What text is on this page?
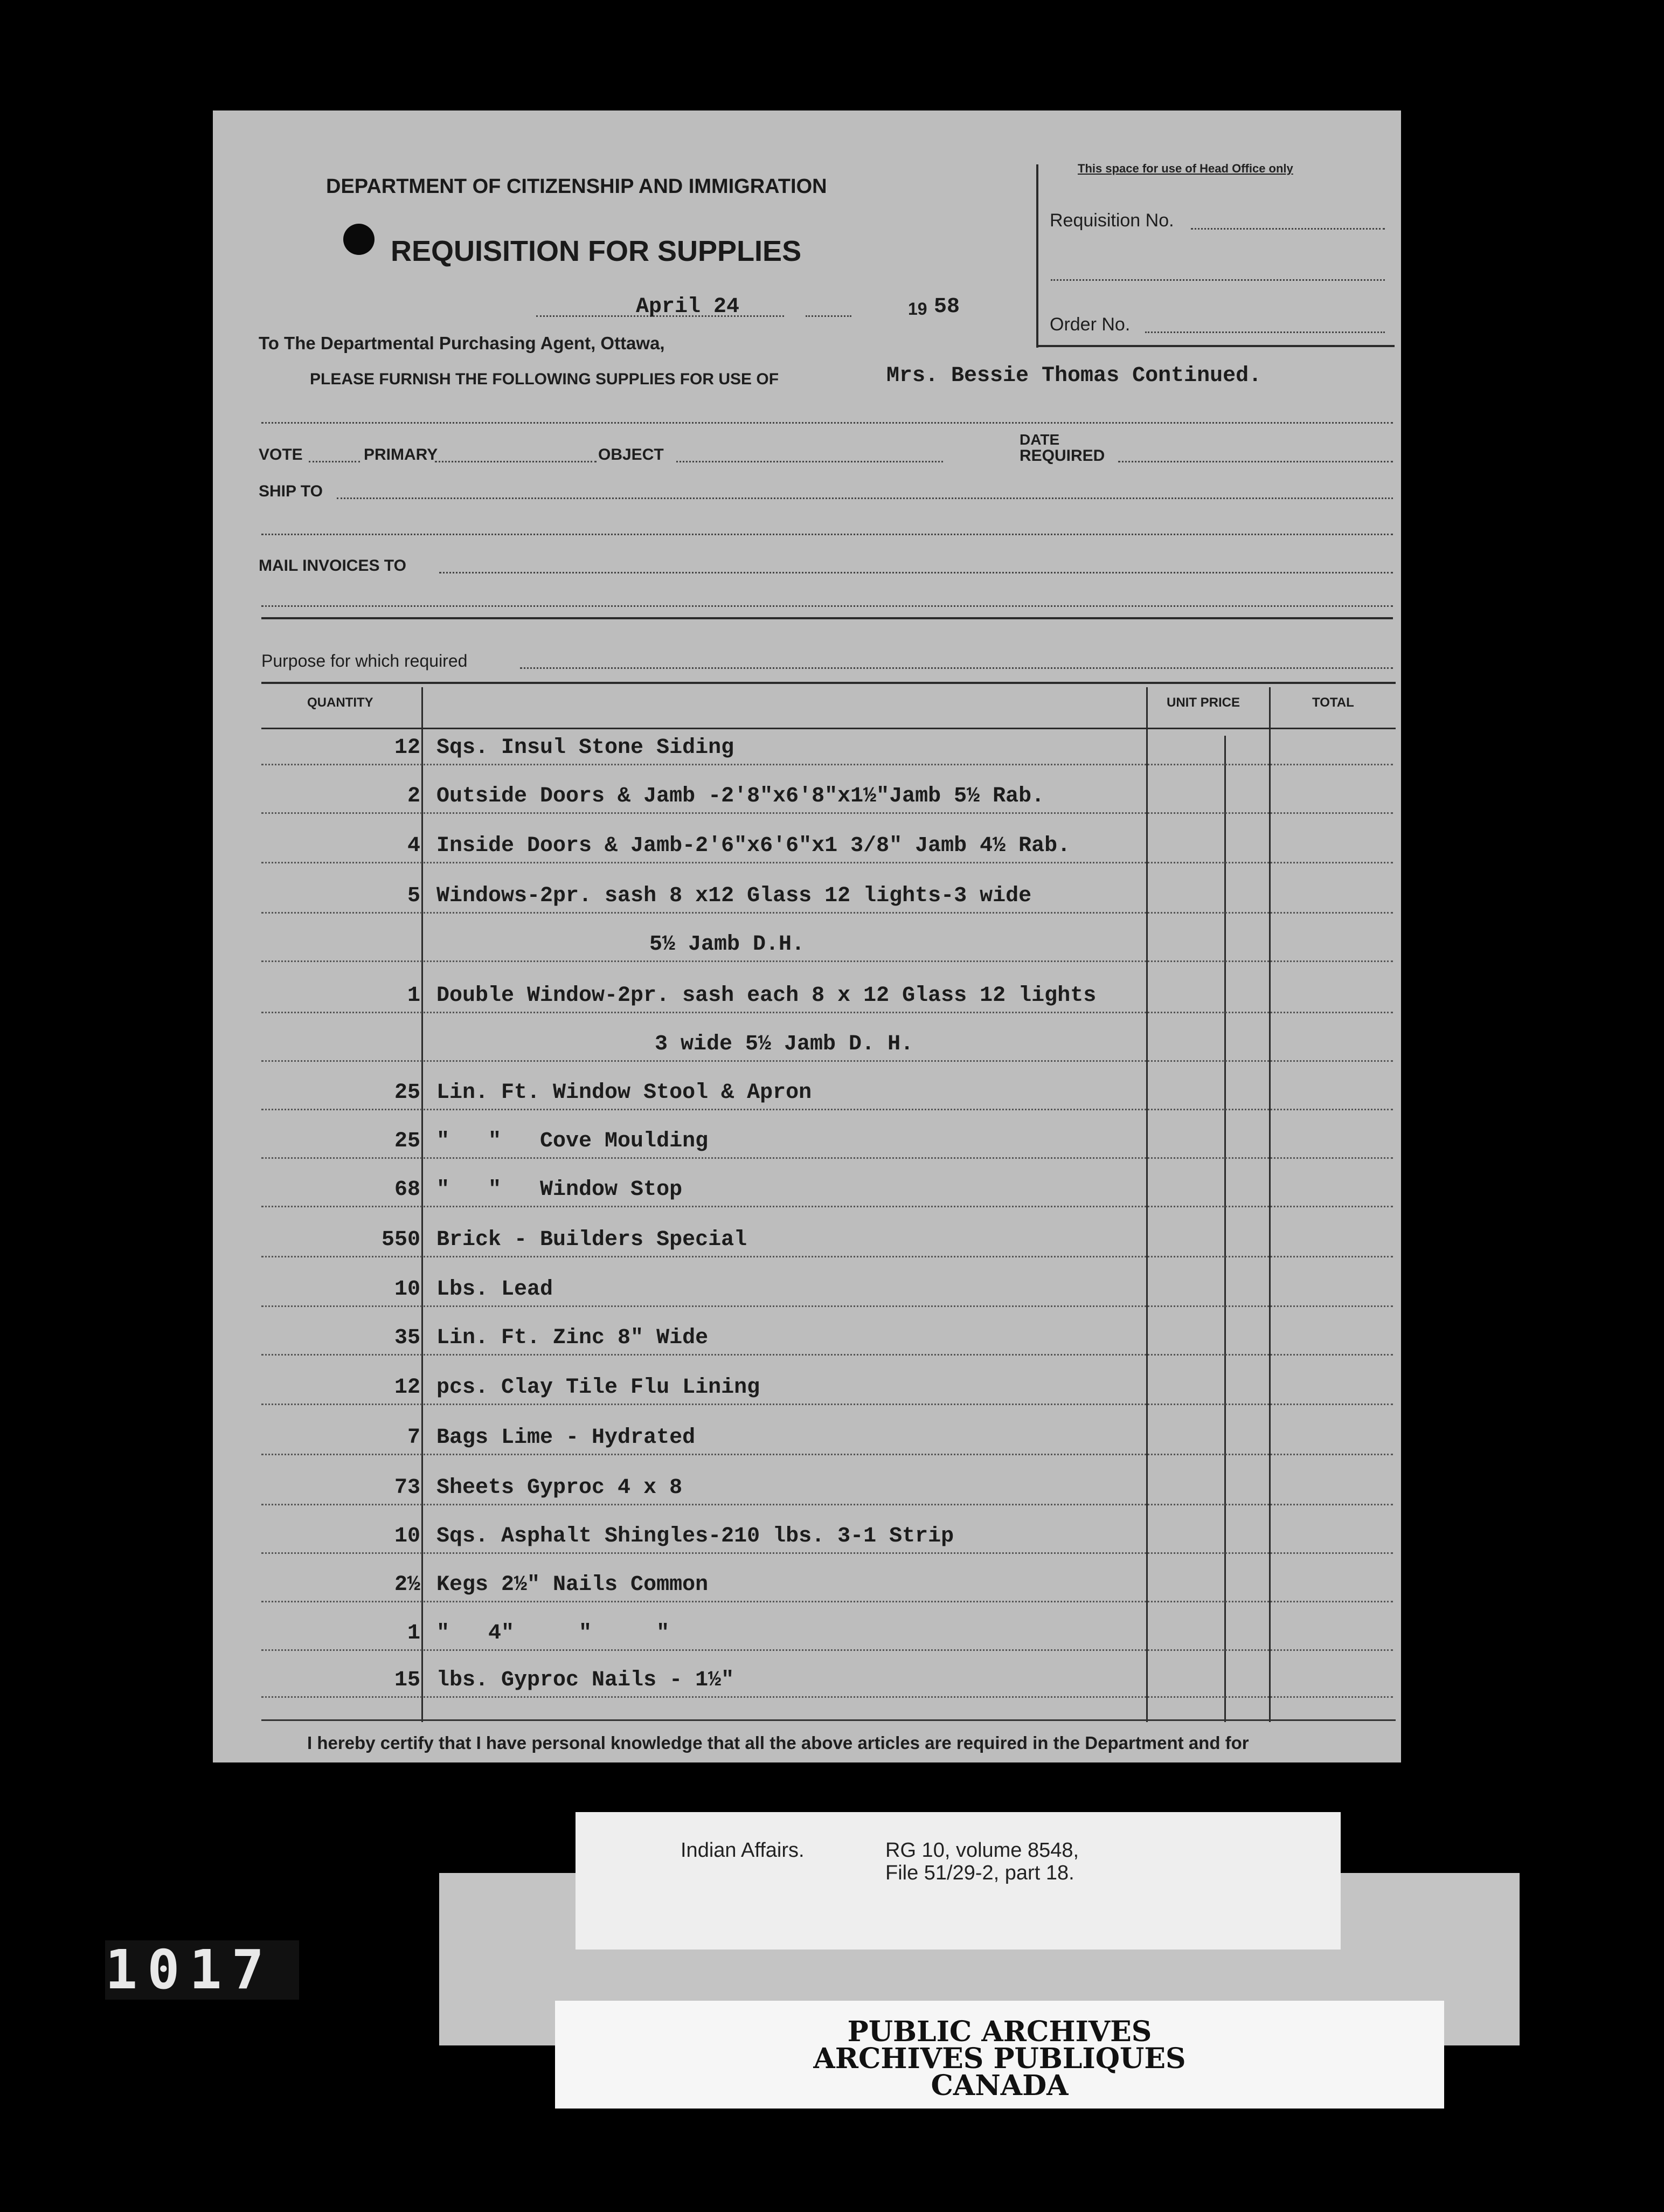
DEPARTMENT OF CITIZENSHIP AND IMMIGRATION
REQUISITION FOR SUPPLIES
This space for use of Head Office only
Requisition No.
Order No.
April 24	19 58
To The Departmental Purchasing Agent, Ottawa,
PLEASE FURNISH THE FOLLOWING SUPPLIES FOR USE OF	Mrs. Bessie Thomas Continued.
VOTE	PRIMARY	OBJECT
DATE
REQUIRED
SHIP TO
MAIL INVOICES TO
Purpose for which required
QUANTITY	UNIT PRICE	TOTAL
12 Sqs. Insul Stone Siding
2 Outside Doors & Jamb -2'8"x6'8"x1½"Jamb 5½ Rab.
4 Inside Doors & Jamb-2'6"x6'6"x1 3/8" Jamb 4½ Rab.
5 Windows-2pr. sash 8 x12 Glass 12 lights-3 wide
5½ Jamb D.H.
1 Double Window-2pr. sash each 8 x 12 Glass 12 lights
3 wide 5½ Jamb D. H.
25 Lin. Ft. Window Stool & Apron
25 "   "   Cove Moulding
68 "   "   Window Stop
550 Brick - Builders Special
10 Lbs. Lead
35 Lin. Ft. Zinc 8" Wide
12 pcs. Clay Tile Flu Lining
7 Bags Lime - Hydrated
73 Sheets Gyproc 4 x 8
10 Sqs. Asphalt Shingles-210 lbs. 3-1 Strip
2½ Kegs 2½" Nails Common
1 "   4"     "     "
15 lbs. Gyproc Nails - 1½"
I hereby certify that I have personal knowledge that all the above articles are required in the Department and for
1017
Indian Affairs.	RG 10, volume 8548,
File 51/29-2, part 18.
PUBLIC ARCHIVES
ARCHIVES PUBLIQUES
CANADA
